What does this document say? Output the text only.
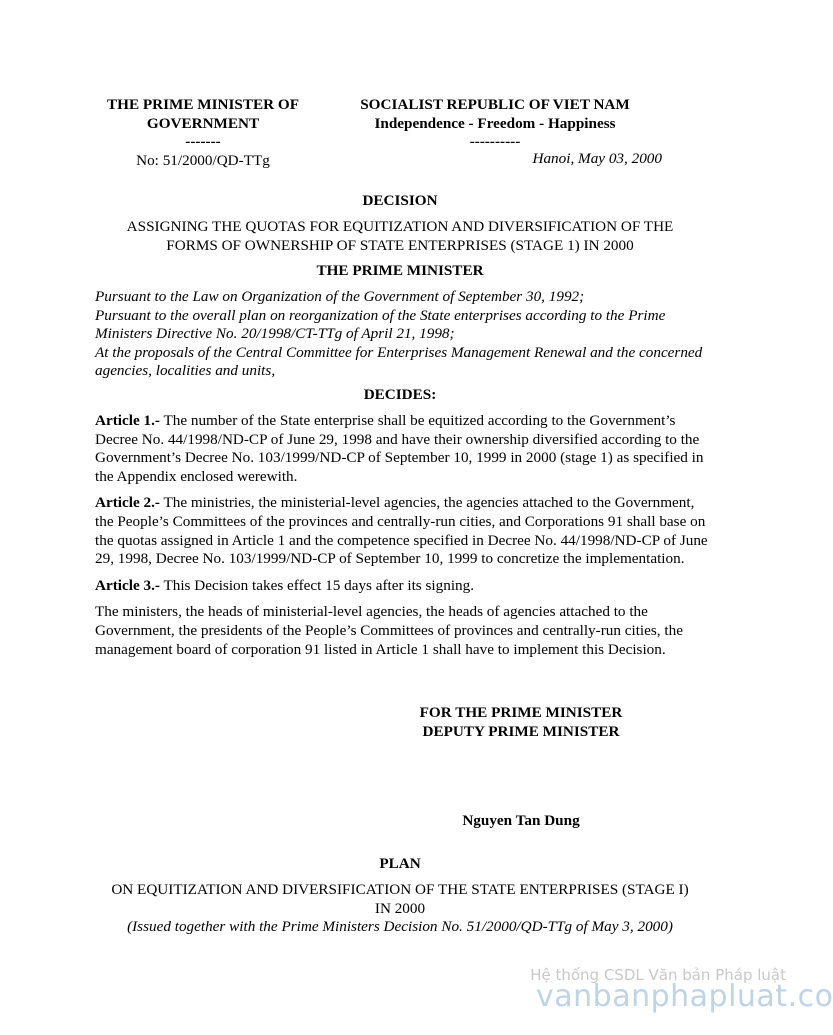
THE PRIME MINISTER OF
GOVERNMENT
-------
No: 51/2000/QD-TTg
SOCIALIST REPUBLIC OF VIET NAM
Independence - Freedom - Happiness
----------
Hanoi, May 03, 2000
DECISION
ASSIGNING THE QUOTAS FOR EQUITIZATION AND DIVERSIFICATION OF THE
FORMS OF OWNERSHIP OF STATE ENTERPRISES (STAGE 1) IN 2000
THE PRIME MINISTER

Pursuant to the Law on Organization of the Government of September 30, 1992;

Pursuant to the overall plan on reorganization of the State enterprises according to the Prime Ministers Directive No. 20/1998/CT-TTg of April 21, 1998;

At the proposals of the Central Committee for Enterprises Management Renewal and the concerned agencies, localities and units,

DECIDES:

Article 1.- The number of the State enterprise shall be equitized according to the Government’s Decree No. 44/1998/ND-CP of June 29, 1998 and have their ownership diversified according to the Government’s Decree No. 103/1999/ND-CP of September 10, 1999 in 2000 (stage 1) as specified in the Appendix enclosed werewith.

Article 2.- The ministries, the ministerial-level agencies, the agencies attached to the Government, the People’s Committees of the provinces and centrally-run cities, and Corporations 91 shall base on the quotas assigned in Article 1 and the competence specified in Decree No. 44/1998/ND-CP of June 29, 1998, Decree No. 103/1999/ND-CP of September 10, 1999 to concretize the implementation.

Article 3.- This Decision takes effect 15 days after its signing.

The ministers, the heads of ministerial-level agencies, the heads of agencies attached to the Government, the presidents of the People’s Committees of provinces and centrally-run cities, the management board of corporation 91 listed in Article 1 shall have to implement this Decision.

FOR THE PRIME MINISTER
DEPUTY PRIME MINISTER
Nguyen Tan Dung
PLAN
ON EQUITIZATION AND DIVERSIFICATION OF THE STATE ENTERPRISES (STAGE I)
IN 2000
(Issued together with the Prime Ministers Decision No. 51/2000/QD-TTg of May 3, 2000)
Hệ thống CSDL Văn bản Pháp luật
vanbanphapluat.co
